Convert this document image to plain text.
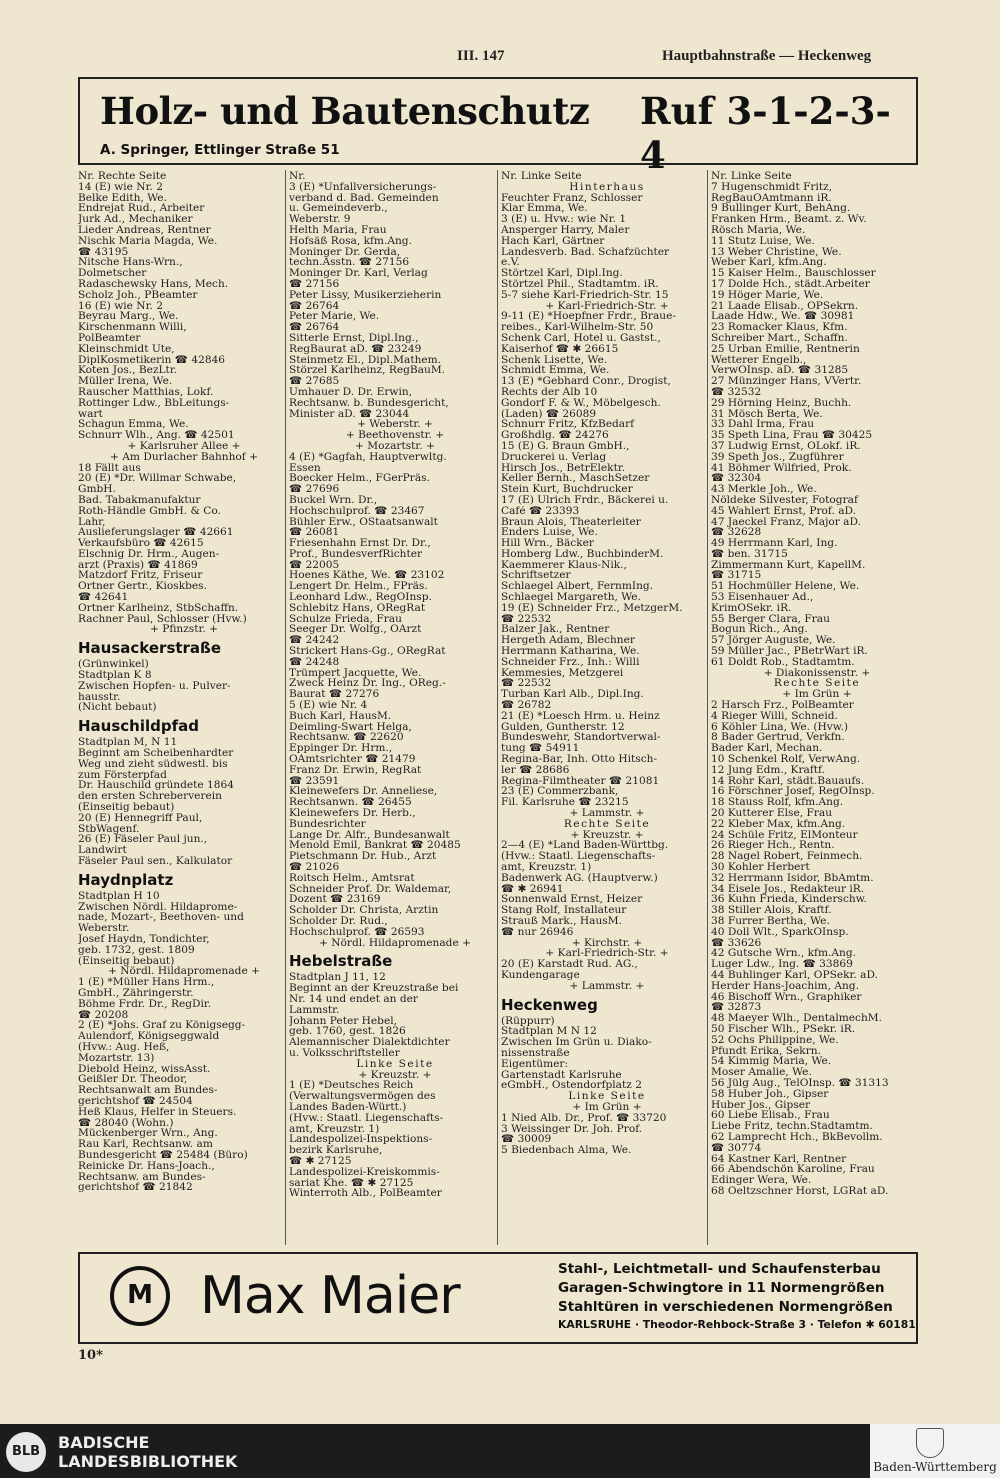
III. 147	Hauptbahnstraße — Heckenweg
Holz- und Bautenschutz Ruf 3-1-2-3-4
A. Springer, Ettlinger Straße 51
Nr. Rechte Seite
14 (E) wie Nr. 2
Belke Edith, We.
Endrejat Rud., Arbeiter
Jurk Ad., Mechaniker
Lieder Andreas, Rentner
Nischk Maria Magda, We.
☎ 43195
Nitsche Hans-Wrn.,
Dolmetscher
Radaschewsky Hans, Mech.
Scholz Joh., PBeamter
16 (E) wie Nr. 2
Beyrau Marg., We.
Kirschenmann Willi,
PolBeamter
Kleinschmidt Ute,
DiplKosmetikerin ☎ 42846
Koten Jos., BezLtr.
Müller Irena, We.
Rauscher Matthias, Lokf.
Rottinger Ldw., BbLeitungs-
wart
Schagun Emma, We.
Schnurr Wlh., Ang. ☎ 42501
+ Karlsruher Allee +
+ Am Durlacher Bahnhof +
18 Fällt aus
20 (E) *Dr. Willmar Schwabe,
GmbH.
Bad. Tabakmanufaktur
Roth-Händle GmbH. & Co.
Lahr,
Auslieferungslager ☎ 42661
Verkaufsbüro ☎ 42615
Elschnig Dr. Hrm., Augen-
arzt (Praxis) ☎ 41869
Matzdorf Fritz, Friseur
Ortner Gertr., Kioskbes.
☎ 42641
Ortner Karlheinz, StbSchaffn.
Rachner Paul, Schlosser (Hvw.)
+ Pfinzstr. +
Hausackerstraße
(Grünwinkel)
Stadtplan K 8
Zwischen Hopfen- u. Pulver-
hausstr.
(Nicht bebaut)
Hauschildpfad
Stadtplan M, N 11
Beginnt am Scheibenhardter
Weg und zieht südwestl. bis
zum Försterpfad
Dr. Hauschild gründete 1864
den ersten Schreberverein
(Einseitig bebaut)
20 (E) Hennegriff Paul,
StbWagenf.
26 (E) Fäseler Paul jun.,
Landwirt
Fäseler Paul sen., Kalkulator
Haydnplatz
Stadtplan H 10
Zwischen Nördl. Hildaprome-
nade, Mozart-, Beethoven- und
Weberstr.
Josef Haydn, Tondichter,
geb. 1732, gest. 1809
(Einseitig bebaut)
+ Nördl. Hildapromenade +
1 (E) *Müller Hans Hrm.,
GmbH., Zähringerstr.
Böhme Frdr. Dr., RegDir.
☎ 20208
2 (E) *Johs. Graf zu Königsegg-
Aulendorf, Königseggwald
(Hvw.: Aug. Heß,
Mozartstr. 13)
Diebold Heinz, wissAsst.
Geißler Dr. Theodor,
Rechtsanwalt am Bundes-
gerichtshof ☎ 24504
Heß Klaus, Helfer in Steuers.
☎ 28040 (Wohn.)
Mückenberger Wrn., Ang.
Rau Karl, Rechtsanw. am
Bundesgericht ☎ 25484 (Büro)
Reinicke Dr. Hans-Joach.,
Rechtsanw. am Bundes-
gerichtshof ☎ 21842
Nr.
3 (E) *Unfallversicherungs-
verband d. Bad. Gemeinden
u. Gemeindeverb.,
Weberstr. 9
Helth Maria, Frau
Hofsäß Rosa, kfm.Ang.
Moninger Dr. Gerda,
techn.Asstn. ☎ 27156
Moninger Dr. Karl, Verlag
☎ 27156
Peter Lissy, Musikerzieherin
☎ 26764
Peter Marie, We.
☎ 26764
Sitterle Ernst, Dipl.Ing.,
RegBaurat aD. ☎ 23249
Steinmetz El., Dipl.Mathem.
Störzel Karlheinz, RegBauM.
☎ 27685
Umhauer D. Dr. Erwin,
Rechtsanw. b. Bundesgericht,
Minister aD. ☎ 23044
+ Weberstr. +
+ Beethovenstr. +
+ Mozartstr. +
4 (E) *Gagfah, Hauptverwltg.
Essen
Boecker Helm., FGerPräs.
☎ 27696
Buckel Wrn. Dr.,
Hochschulprof. ☎ 23467
Bühler Erw., OStaatsanwalt
☎ 26081
Friesenhahn Ernst Dr. Dr.,
Prof., BundesverfRichter
☎ 22005
Hoenes Käthe, We. ☎ 23102
Lengert Dr. Helm., FPräs.
Leonhard Ldw., RegOInsp.
Schlebitz Hans, ORegRat
Schulze Frieda, Frau
Seeger Dr. Wolfg., OArzt
☎ 24242
Strickert Hans-Gg., ORegRat
☎ 24248
Trümpert Jacquette, We.
Zweck Heinz Dr. Ing., OReg.-
Baurat ☎ 27276
5 (E) wie Nr. 4
Buch Karl, HausM.
Deimling-Swart Helga,
Rechtsanw. ☎ 22620
Eppinger Dr. Hrm.,
OAmtsrichter ☎ 21479
Franz Dr. Erwin, RegRat
☎ 23591
Kleinewefers Dr. Anneliese,
Rechtsanwn. ☎ 26455
Kleinewefers Dr. Herb.,
Bundesrichter
Lange Dr. Alfr., Bundesanwalt
Menold Emil, Bankrat ☎ 20485
Pietschmann Dr. Hub., Arzt
☎ 21026
Roitsch Helm., Amtsrat
Schneider Prof. Dr. Waldemar,
Dozent ☎ 23169
Scholder Dr. Christa, Ärztin
Scholder Dr. Rud.,
Hochschulprof. ☎ 26593
+ Nördl. Hildapromenade +
Hebelstraße
Stadtplan J 11, 12
Beginnt an der Kreuzstraße bei
Nr. 14 und endet an der
Lammstr.
Johann Peter Hebel,
geb. 1760, gest. 1826
Alemannischer Dialektdichter
u. Volksschriftsteller
Linke Seite
+ Kreuzstr. +
1 (E) *Deutsches Reich
(Verwaltungsvermögen des
Landes Baden-Württ.)
(Hvw.: Staatl. Liegenschafts-
amt, Kreuzstr. 1)
Landespolizei-Inspektions-
bezirk Karlsruhe,
☎ ✱ 27125
Landespolizei-Kreiskommis-
sariat Khe. ☎ ✱ 27125
Winterroth Alb., PolBeamter
Nr. Linke Seite
Hinterhaus
Feuchter Franz, Schlosser
Klar Emma, We.
3 (E) u. Hvw.: wie Nr. 1
Ansperger Harry, Maler
Hach Karl, Gärtner
Landesverb. Bad. Schafzüchter
e.V.
Störtzel Karl, Dipl.Ing.
Störtzel Phil., Stadtamtm. iR.
5-7 siehe Karl-Friedrich-Str. 15
+ Karl-Friedrich-Str. +
9-11 (E) *Hoepfner Frdr., Braue-
reibes., Karl-Wilhelm-Str. 50
Schenk Carl, Hotel u. Gastst.,
Kaiserhof ☎ ✱ 26615
Schenk Lisette, We.
Schmidt Emma, We.
13 (E) *Gebhard Conr., Drogist,
Rechts der Alb 10
Gondorf F. & W., Möbelgesch.
(Laden) ☎ 26089
Schnurr Fritz, KfzBedarf
Großhdlg. ☎ 24276
15 (E) G. Braun GmbH.,
Druckerei u. Verlag
Hirsch Jos., BetrElektr.
Keller Bernh., MaschSetzer
Stein Kurt, Buchdrucker
17 (E) Ulrich Frdr., Bäckerei u.
Café ☎ 23393
Braun Alois, Theaterleiter
Enders Luise, We.
Hill Wrn., Bäcker
Homberg Ldw., BuchbinderM.
Kaemmerer Klaus-Nik.,
Schriftsetzer
Schlaegel Albert, FernmIng.
Schlaegel Margareth, We.
19 (E) Schneider Frz., MetzgerM.
☎ 22532
Balzer Jak., Rentner
Hergeth Adam, Blechner
Herrmann Katharina, We.
Schneider Frz., Inh.: Willi
Kemmesies, Metzgerei
☎ 22532
Turban Karl Alb., Dipl.Ing.
☎ 26782
21 (E) *Loesch Hrm. u. Heinz
Gulden, Guntherstr. 12
Bundeswehr, Standortverwal-
tung ☎ 54911
Regina-Bar, Inh. Otto Hitsch-
ler ☎ 28686
Regina-Filmtheater ☎ 21081
23 (E) Commerzbank,
Fil. Karlsruhe ☎ 23215
+ Lammstr. +
Rechte Seite
+ Kreuzstr. +
2—4 (E) *Land Baden-Württbg.
(Hvw.: Staatl. Liegenschafts-
amt, Kreuzstr. 1)
Badenwerk AG. (Hauptverw.)
☎ ✱ 26941
Sonnenwald Ernst, Heizer
Stang Rolf, Installateur
Strauß Mark., HausM.
☎ nur 26946
+ Kirchstr. +
+ Karl-Friedrich-Str. +
20 (E) Karstadt Rud. AG.,
Kundengarage
+ Lammstr. +
Heckenweg
(Rüppurr)
Stadtplan M N 12
Zwischen Im Grün u. Diako-
nissenstraße
Eigentümer:
Gartenstadt Karlsruhe
eGmbH., Ostendorfplatz 2
Linke Seite
+ Im Grün +
1 Nied Alb. Dr., Prof. ☎ 33720
3 Weissinger Dr. Joh. Prof.
☎ 30009
5 Biedenbach Alma, We.
Nr. Linke Seite
7 Hugenschmidt Fritz,
RegBauOAmtmann iR.
9 Bullinger Kurt, BehAng.
Franken Hrm., Beamt. z. Wv.
Rösch Maria, We.
11 Stutz Luise, We.
13 Weber Christine, We.
Weber Karl, kfm.Ang.
15 Kaiser Helm., Bauschlosser
17 Dolde Hch., städt.Arbeiter
19 Höger Marie, We.
21 Laade Elisab., OPSekrn.
Laade Hdw., We. ☎ 30981
23 Romacker Klaus, Kfm.
Schreiber Mart., Schaffn.
25 Urban Emilie, Rentnerin
Wetterer Engelb.,
VerwOInsp. aD. ☎ 31285
27 Münzinger Hans, VVertr.
☎ 32532
29 Hörning Heinz, Buchh.
31 Mösch Berta, We.
33 Dahl Irma, Frau
35 Speth Lina, Frau ☎ 30425
37 Ludwig Ernst, OLokf. iR.
39 Speth Jos., Zugführer
41 Böhmer Wilfried, Prok.
☎ 32304
43 Merkle Joh., We.
Nöldeke Silvester, Fotograf
45 Wahlert Ernst, Prof. aD.
47 Jaeckel Franz, Major aD.
☎ 32628
49 Herrmann Karl, Ing.
☎ ben. 31715
Zimmermann Kurt, KapellM.
☎ 31715
51 Hochmüller Helene, We.
53 Eisenhauer Ad.,
KrimOSekr. iR.
55 Berger Clara, Frau
Bogun Rich., Ang.
57 Jörger Auguste, We.
59 Müller Jac., PBetrWart iR.
61 Doldt Rob., Stadtamtm.
+ Diakonissenstr. +
Rechte Seite
+ Im Grün +
2 Harsch Frz., PolBeamter
4 Rieger Willi, Schneid.
6 Köhler Lina, We. (Hvw.)
8 Bader Gertrud, Verkfn.
Bader Karl, Mechan.
10 Schenkel Rolf, VerwAng.
12 Jung Edm., Kraftf.
14 Rohr Karl, städt.Bauaufs.
16 Förschner Josef, RegOInsp.
18 Stauss Rolf, kfm.Ang.
20 Kutterer Else, Frau
22 Kleber Max, kfm.Ang.
24 Schüle Fritz, ElMonteur
26 Rieger Hch., Rentn.
28 Nagel Robert, Feinmech.
30 Kohler Herbert
32 Herrmann Isidor, BbAmtm.
34 Eisele Jos., Redakteur iR.
36 Kuhn Frieda, Kinderschw.
38 Stiller Alois, Kraftf.
38 Furrer Bertha, We.
40 Doll Wlt., SparkOInsp.
☎ 33626
42 Gutsche Wrn., kfm.Ang.
Luger Ldw., Ing. ☎ 33869
44 Buhlinger Karl, OPSekr. aD.
Herder Hans-Joachim, Ang.
46 Bischoff Wrn., Graphiker
☎ 32873
48 Maeyer Wlh., DentalmechM.
50 Fischer Wlh., PSekr. iR.
52 Ochs Philippine, We.
Pfundt Erika, Sekrn.
54 Kimmig Maria, We.
Moser Amalie, We.
56 Jülg Aug., TelOInsp. ☎ 31313
58 Huber Joh., Gipser
Huber Jos., Gipser
60 Liebe Elisab., Frau
Liebe Fritz, techn.Stadtamtm.
62 Lamprecht Hch., BkBevollm.
☎ 30774
64 Kastner Karl, Rentner
66 Abendschön Karoline, Frau
Edinger Wera, We.
68 Oeltzschner Horst, LGRat aD.
M Max Maier	Stahl-, Leichtmetall- und Schaufensterbau
Garagen-Schwingtore in 11 Normengrößen
Stahltüren in verschiedenen Normengrößen
KARLSRUHE · Theodor-Rehbock-Straße 3 · Telefon ✱ 60181
10*
BLB	BADISCHE
LANDESBIBLIOTHEK	Baden-Württemberg
